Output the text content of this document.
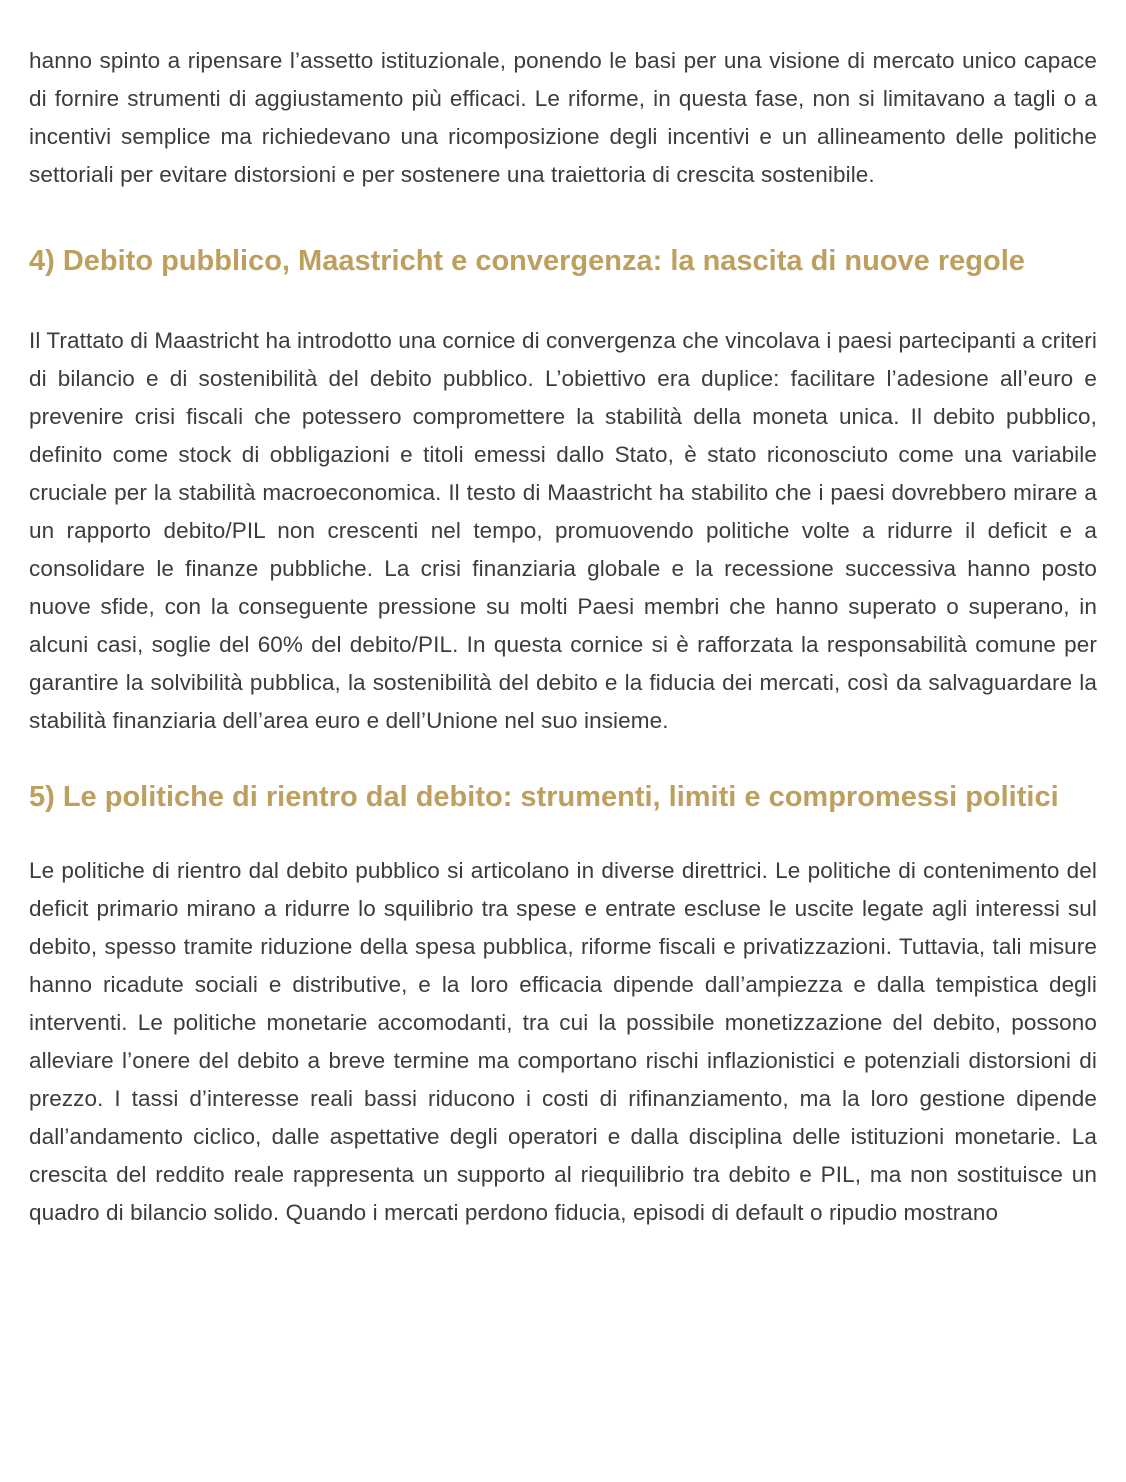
hanno spinto a ripensare l’assetto istituzionale, ponendo le basi per una visione di mercato unico capace di fornire strumenti di aggiustamento più efficaci. Le riforme, in questa fase, non si limitavano a tagli o a incentivi semplice ma richiedevano una ricomposizione degli incentivi e un allineamento delle politiche settoriali per evitare distorsioni e per sostenere una traiettoria di crescita sostenibile.

4) Debito pubblico, Maastricht e convergenza: la nascita di nuove regole

Il Trattato di Maastricht ha introdotto una cornice di convergenza che vincolava i paesi partecipanti a criteri di bilancio e di sostenibilità del debito pubblico. L’obiettivo era duplice: facilitare l’adesione all’euro e prevenire crisi fiscali che potessero compromettere la stabilità della moneta unica. Il debito pubblico, definito come stock di obbligazioni e titoli emessi dallo Stato, è stato riconosciuto come una variabile cruciale per la stabilità macroeconomica. Il testo di Maastricht ha stabilito che i paesi dovrebbero mirare a un rapporto debito/PIL non crescenti nel tempo, promuovendo politiche volte a ridurre il deficit e a consolidare le finanze pubbliche. La crisi finanziaria globale e la recessione successiva hanno posto nuove sfide, con la conseguente pressione su molti Paesi membri che hanno superato o superano, in alcuni casi, soglie del 60% del debito/PIL. In questa cornice si è rafforzata la responsabilità comune per garantire la solvibilità pubblica, la sostenibilità del debito e la fiducia dei mercati, così da salvaguardare la stabilità finanziaria dell’area euro e dell’Unione nel suo insieme.

5) Le politiche di rientro dal debito: strumenti, limiti e compromessi politici

Le politiche di rientro dal debito pubblico si articolano in diverse direttrici. Le politiche di contenimento del deficit primario mirano a ridurre lo squilibrio tra spese e entrate escluse le uscite legate agli interessi sul debito, spesso tramite riduzione della spesa pubblica, riforme fiscali e privatizzazioni. Tuttavia, tali misure hanno ricadute sociali e distributive, e la loro efficacia dipende dall’ampiezza e dalla tempistica degli interventi. Le politiche monetarie accomodanti, tra cui la possibile monetizzazione del debito, possono alleviare l’onere del debito a breve termine ma comportano rischi inflazionistici e potenziali distorsioni di prezzo. I tassi d’interesse reali bassi riducono i costi di rifinanziamento, ma la loro gestione dipende dall’andamento ciclico, dalle aspettative degli operatori e dalla disciplina delle istituzioni monetarie. La crescita del reddito reale rappresenta un supporto al riequilibrio tra debito e PIL, ma non sostituisce un quadro di bilancio solido. Quando i mercati perdono fiducia, episodi di default o ripudio mostrano
